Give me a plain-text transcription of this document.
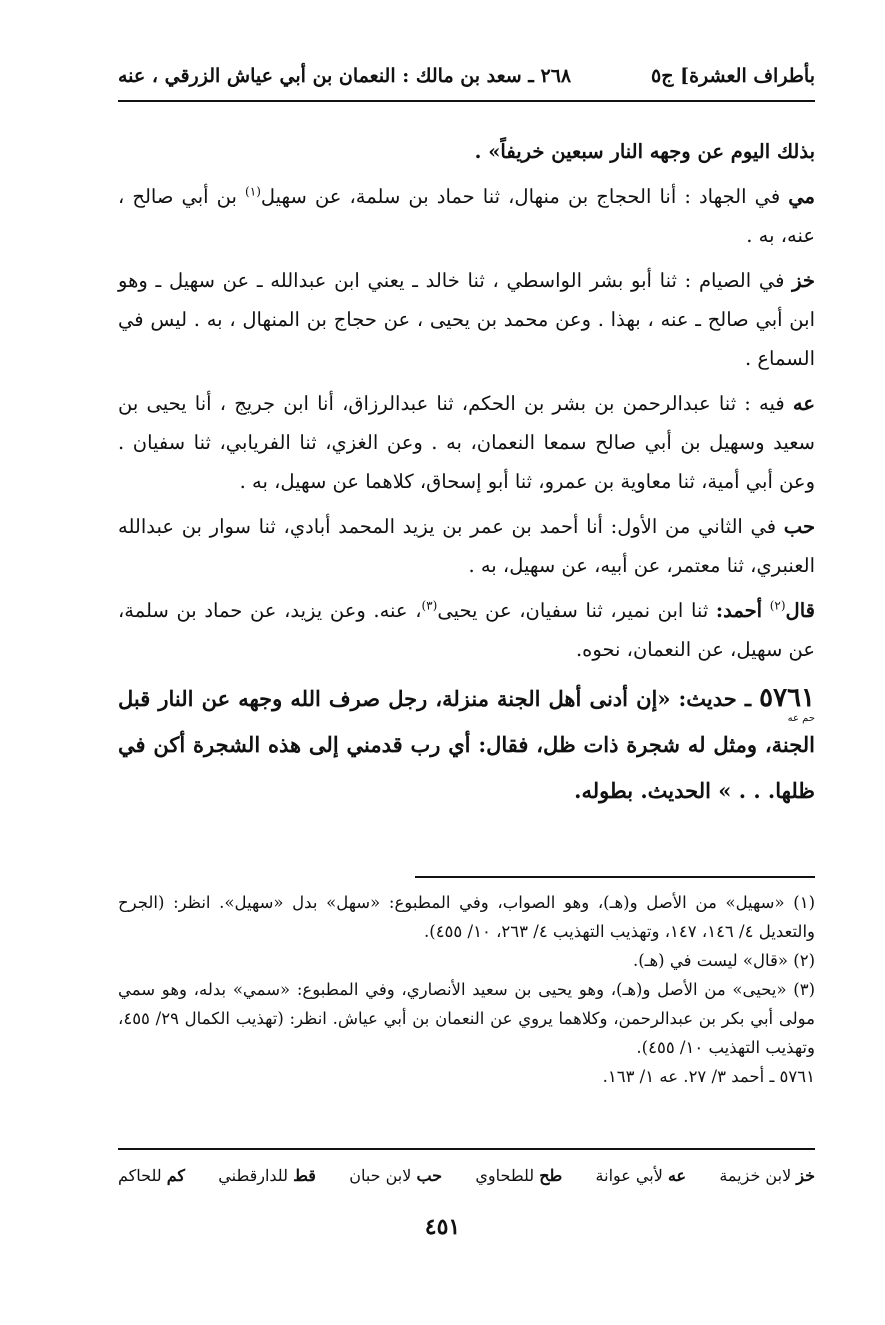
بأطراف العشرة] ج٥
٢٦٨ ـ سعد بن مالك : النعمان بن أبي عياش الزرقي ، عنه

بذلك اليوم عن وجهه النار سبعين خريفاً» .

مي في الجهاد : أنا الحجاج بن منهال، ثنا حماد بن سلمة، عن سهيل$^{(١)}$ بن أبي صالح ، عنه، به .

خز في الصيام : ثنا أبو بشر الواسطي ، ثنا خالد ـ يعني ابن عبدالله ـ عن سهيل ـ وهو ابن أبي صالح ـ عنه ، بهذا . وعن محمد بن يحيى ، عن حجاج بن المنهال ، به . ليس في السماع .

عه فيه : ثنا عبدالرحمن بن بشر بن الحكم، ثنا عبدالرزاق، أنا ابن جريج ، أنا يحيى بن سعيد وسهيل بن أبي صالح سمعا النعمان، به . وعن الغزي، ثنا الفريابي، ثنا سفيان . وعن أبي أمية، ثنا معاوية بن عمرو، ثنا أبو إسحاق، كلاهما عن سهيل، به .

حب في الثاني من الأول: أنا أحمد بن عمر بن يزيد المحمد أبادي، ثنا سوار بن عبدالله العنبري، ثنا معتمر، عن أبيه، عن سهيل، به .

قال$^{(٢)}$ أحمد: ثنا ابن نمير، ثنا سفيان، عن يحيى$^{(٣)}$، عنه. وعن يزيد، عن حماد بن سلمة، عن سهيل، عن النعمان، نحوه.

حم عه
٥٧٦١ ـ حديث: «إن أدنى أهل الجنة منزلة، رجل صرف الله وجهه عن النار قبل الجنة، ومثل له شجرة ذات ظل، فقال: أي رب قدمني إلى هذه الشجرة أكن في ظلها. . . » الحديث. بطوله.

(١) «سهيل» من الأصل و(هـ)، وهو الصواب، وفي المطبوع: «سهل» بدل «سهيل». انظر: (الجرح والتعديل ٤/ ١٤٦، ١٤٧، وتهذيب التهذيب ٤/ ٢٦٣، ١٠/ ٤٥٥).

(٢) «قال» ليست في (هـ).

(٣) «يحيى» من الأصل و(هـ)، وهو يحيى بن سعيد الأنصاري، وفي المطبوع: «سمي» بدله، وهو سمي مولى أبي بكر بن عبدالرحمن، وكلاهما يروي عن النعمان بن أبي عياش. انظر: (تهذيب الكمال ٢٩/ ٤٥٥، وتهذيب التهذيب ١٠/ ٤٥٥).

٥٧٦١ ـ أحمد ٣/ ٢٧. عه ١/ ١٦٣.

خز لابن خزيمة
عه لأبي عوانة
طح للطحاوي
حب لابن حبان
قط للدارقطني
كم للحاكم
٤٥١
